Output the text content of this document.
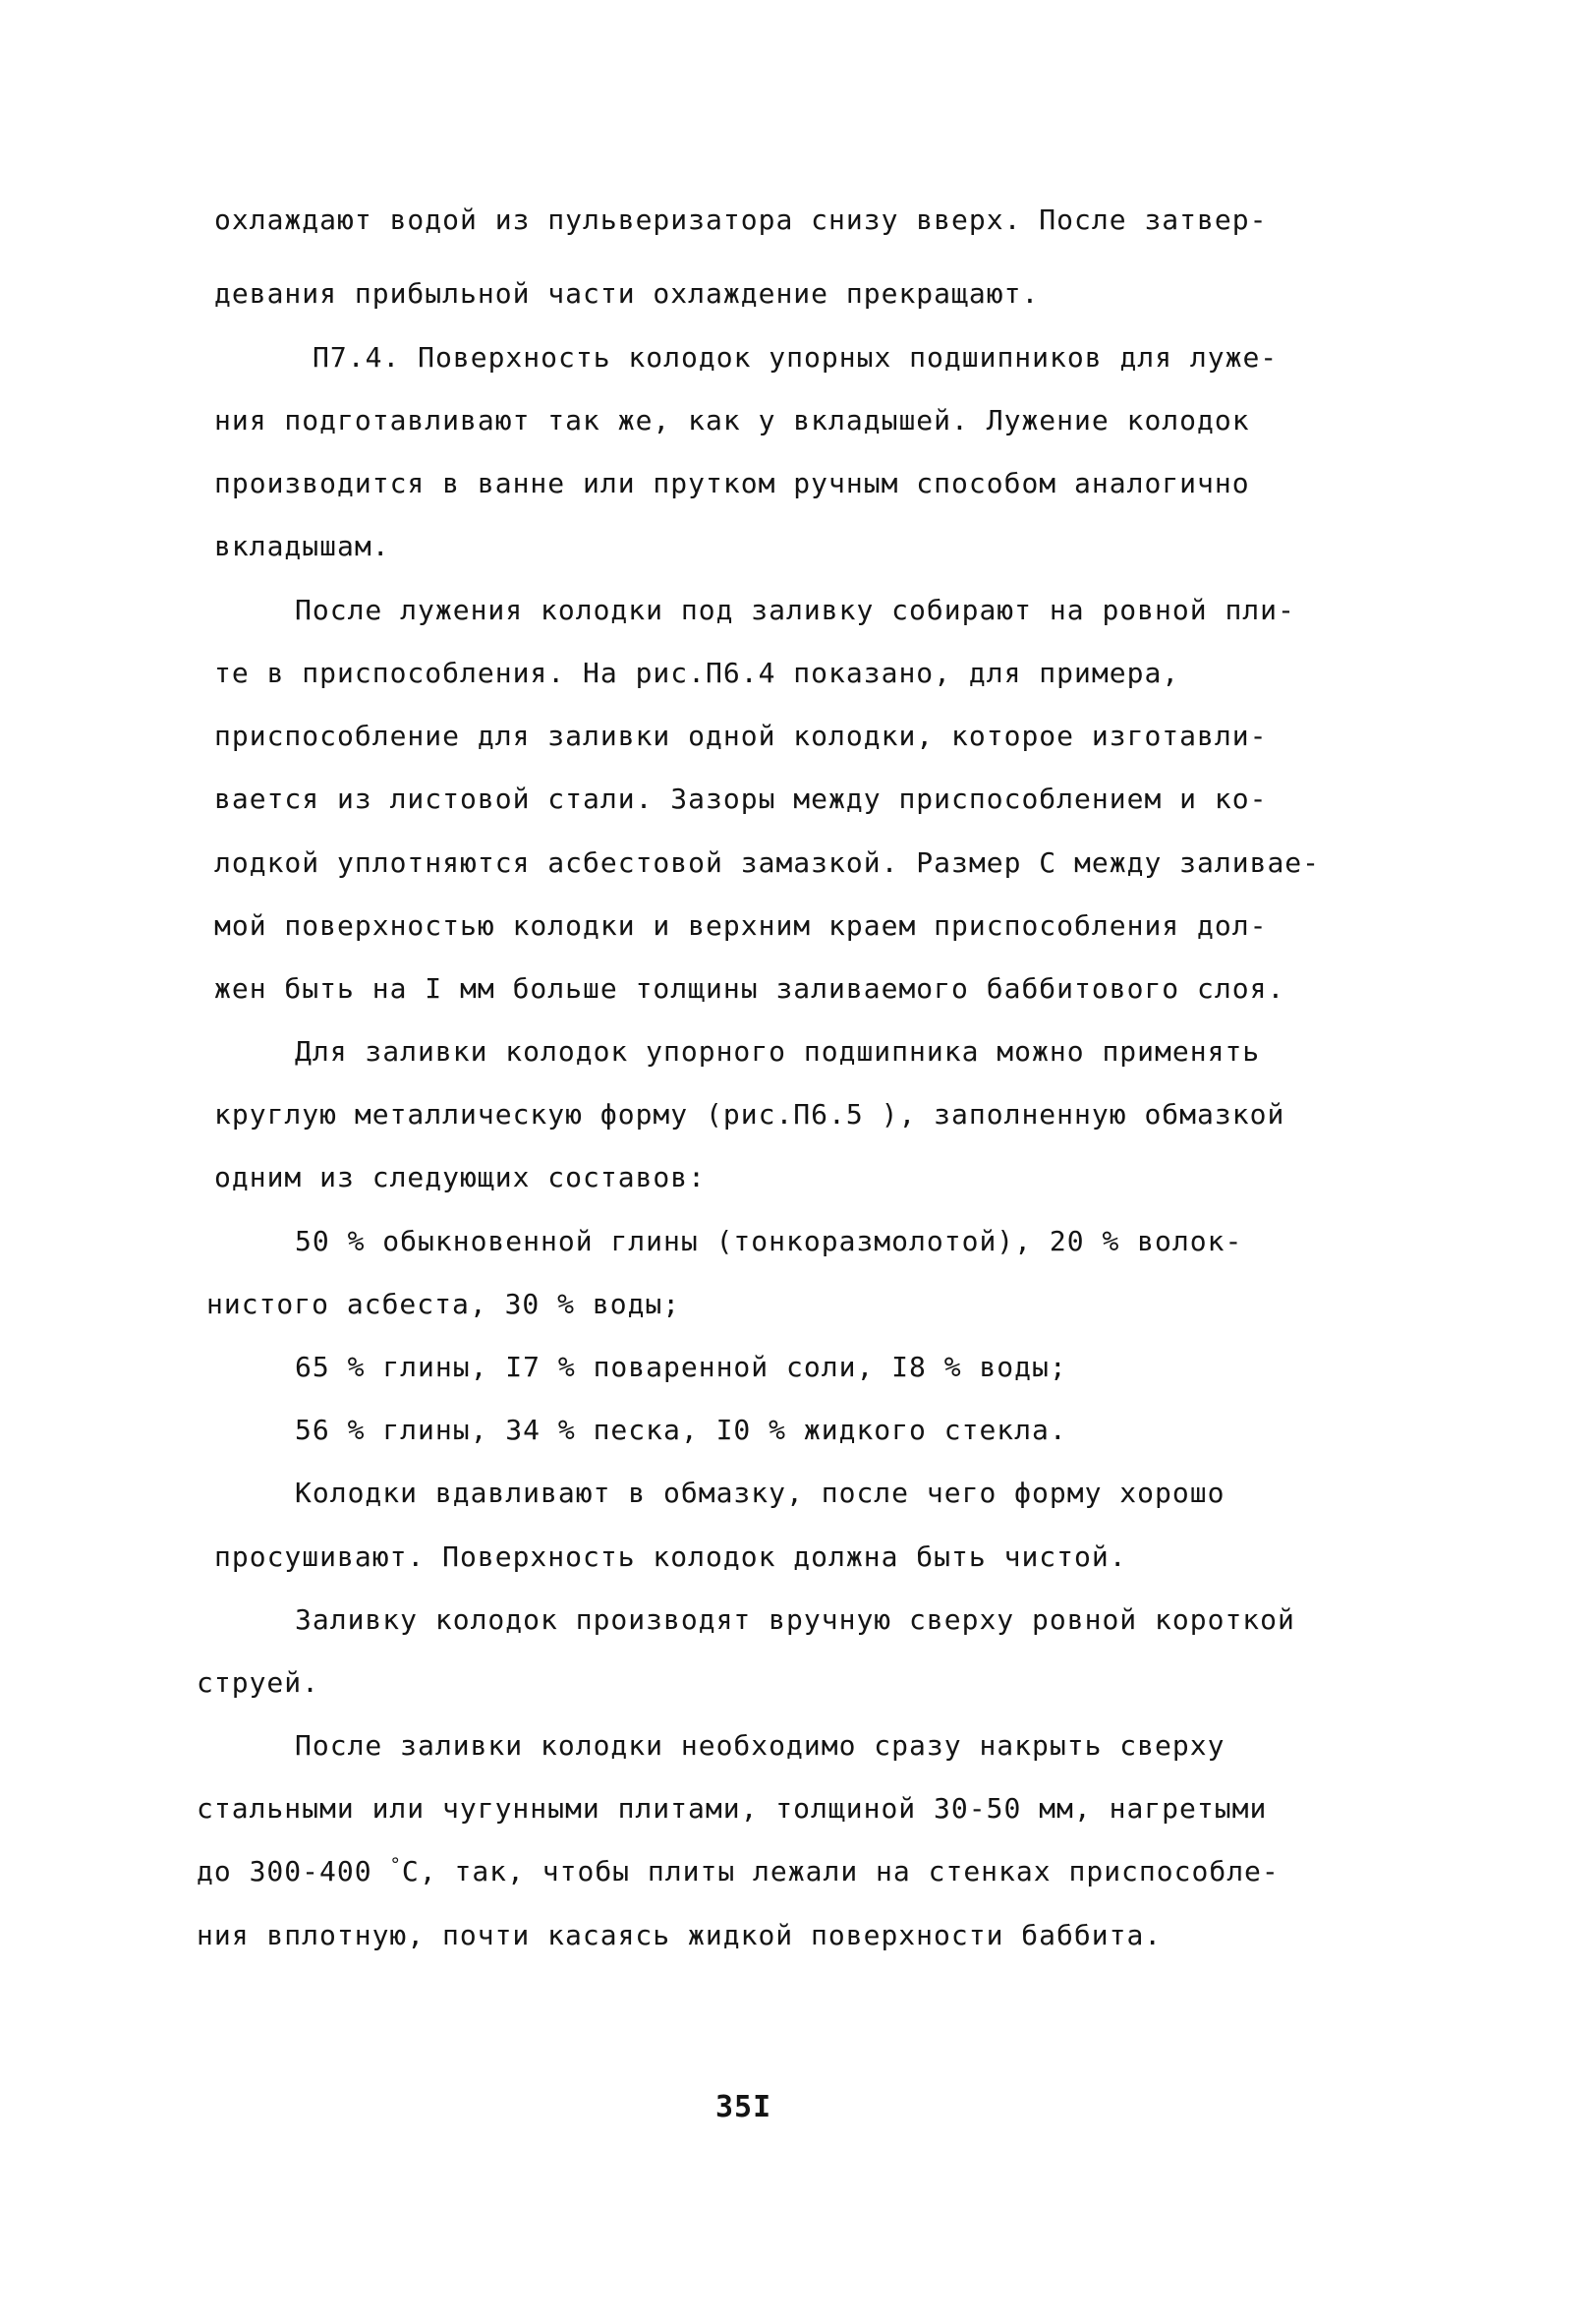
охлаждают водой из пульверизатора снизу вверх. После затвер-
девания прибыльной части охлаждение прекращают.
П7.4. Поверхность колодок упорных подшипников для луже-
ния подготавливают так же, как у вкладышей. Лужение колодок
производится в ванне или прутком ручным способом аналогично
вкладышам.
После лужения колодки под заливку собирают на ровной пли-
те в приспособления. На рис.П6.4 показано, для примера,
приспособление для заливки одной колодки, которое изготавли-
вается из листовой стали. Зазоры между приспособлением и ко-
лодкой уплотняются асбестовой замазкой. Размер С между заливае-
мой поверхностью колодки и верхним краем приспособления дол-
жен быть на I мм больше толщины заливаемого баббитового слоя.
Для заливки колодок упорного подшипника можно применять
круглую металлическую форму (рис.П6.5 ), заполненную обмазкой
одним из следующих составов:
50 % обыкновенной глины (тонкоразмолотой), 20 % волок-
нистого асбеста, 30 % воды;
65 % глины, I7 % поваренной соли, I8 % воды;
56 % глины, 34 % песка, I0 % жидкого стекла.
Колодки вдавливают в обмазку, после чего форму хорошо
просушивают. Поверхность колодок должна быть чистой.
Заливку колодок производят вручную сверху ровной короткой
струей.
После заливки колодки необходимо сразу накрыть сверху
стальными или чугунными плитами, толщиной 30-50 мм, нагретыми
до 300-400 °С, так, чтобы плиты лежали на стенках приспособле-
ния вплотную, почти касаясь жидкой поверхности баббита.
35I
